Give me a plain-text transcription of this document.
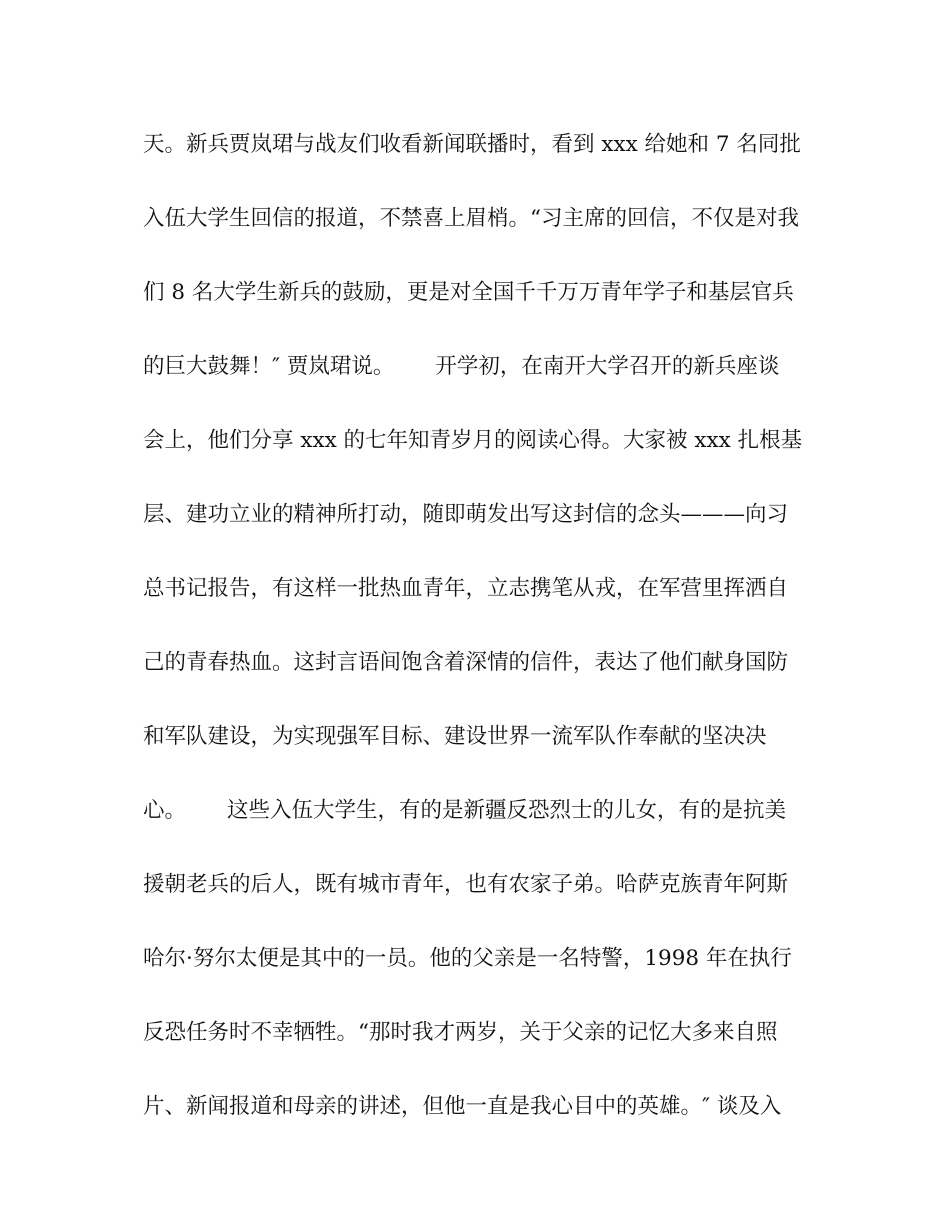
天。新兵贾岚珺与战友们收看新闻联播时，看到 xxx 给她和 7 名同批

入伍大学生回信的报道，不禁喜上眉梢。“习主席的回信，不仅是对我

们 8 名大学生新兵的鼓励，更是对全国千千万万青年学子和基层官兵

的巨大鼓舞！″ 贾岚珺说。      开学初，在南开大学召开的新兵座谈

会上，他们分享 xxx 的七年知青岁月的阅读心得。大家被 xxx 扎根基

层、建功立业的精神所打动，随即萌发出写这封信的念头———向习

总书记报告，有这样一批热血青年，立志携笔从戎，在军营里挥洒自

己的青春热血。这封言语间饱含着深情的信件，表达了他们献身国防

和军队建设，为实现强军目标、建设世界一流军队作奉献的坚决决

心。      这些入伍大学生，有的是新疆反恐烈士的儿女，有的是抗美

援朝老兵的后人，既有城市青年，也有农家子弟。哈萨克族青年阿斯

哈尔·努尔太便是其中的一员。他的父亲是一名特警，1998 年在执行

反恐任务时不幸牺牲。“那时我才两岁，关于父亲的记忆大多来自照

片、新闻报道和母亲的讲述，但他一直是我心目中的英雄。″ 谈及入
